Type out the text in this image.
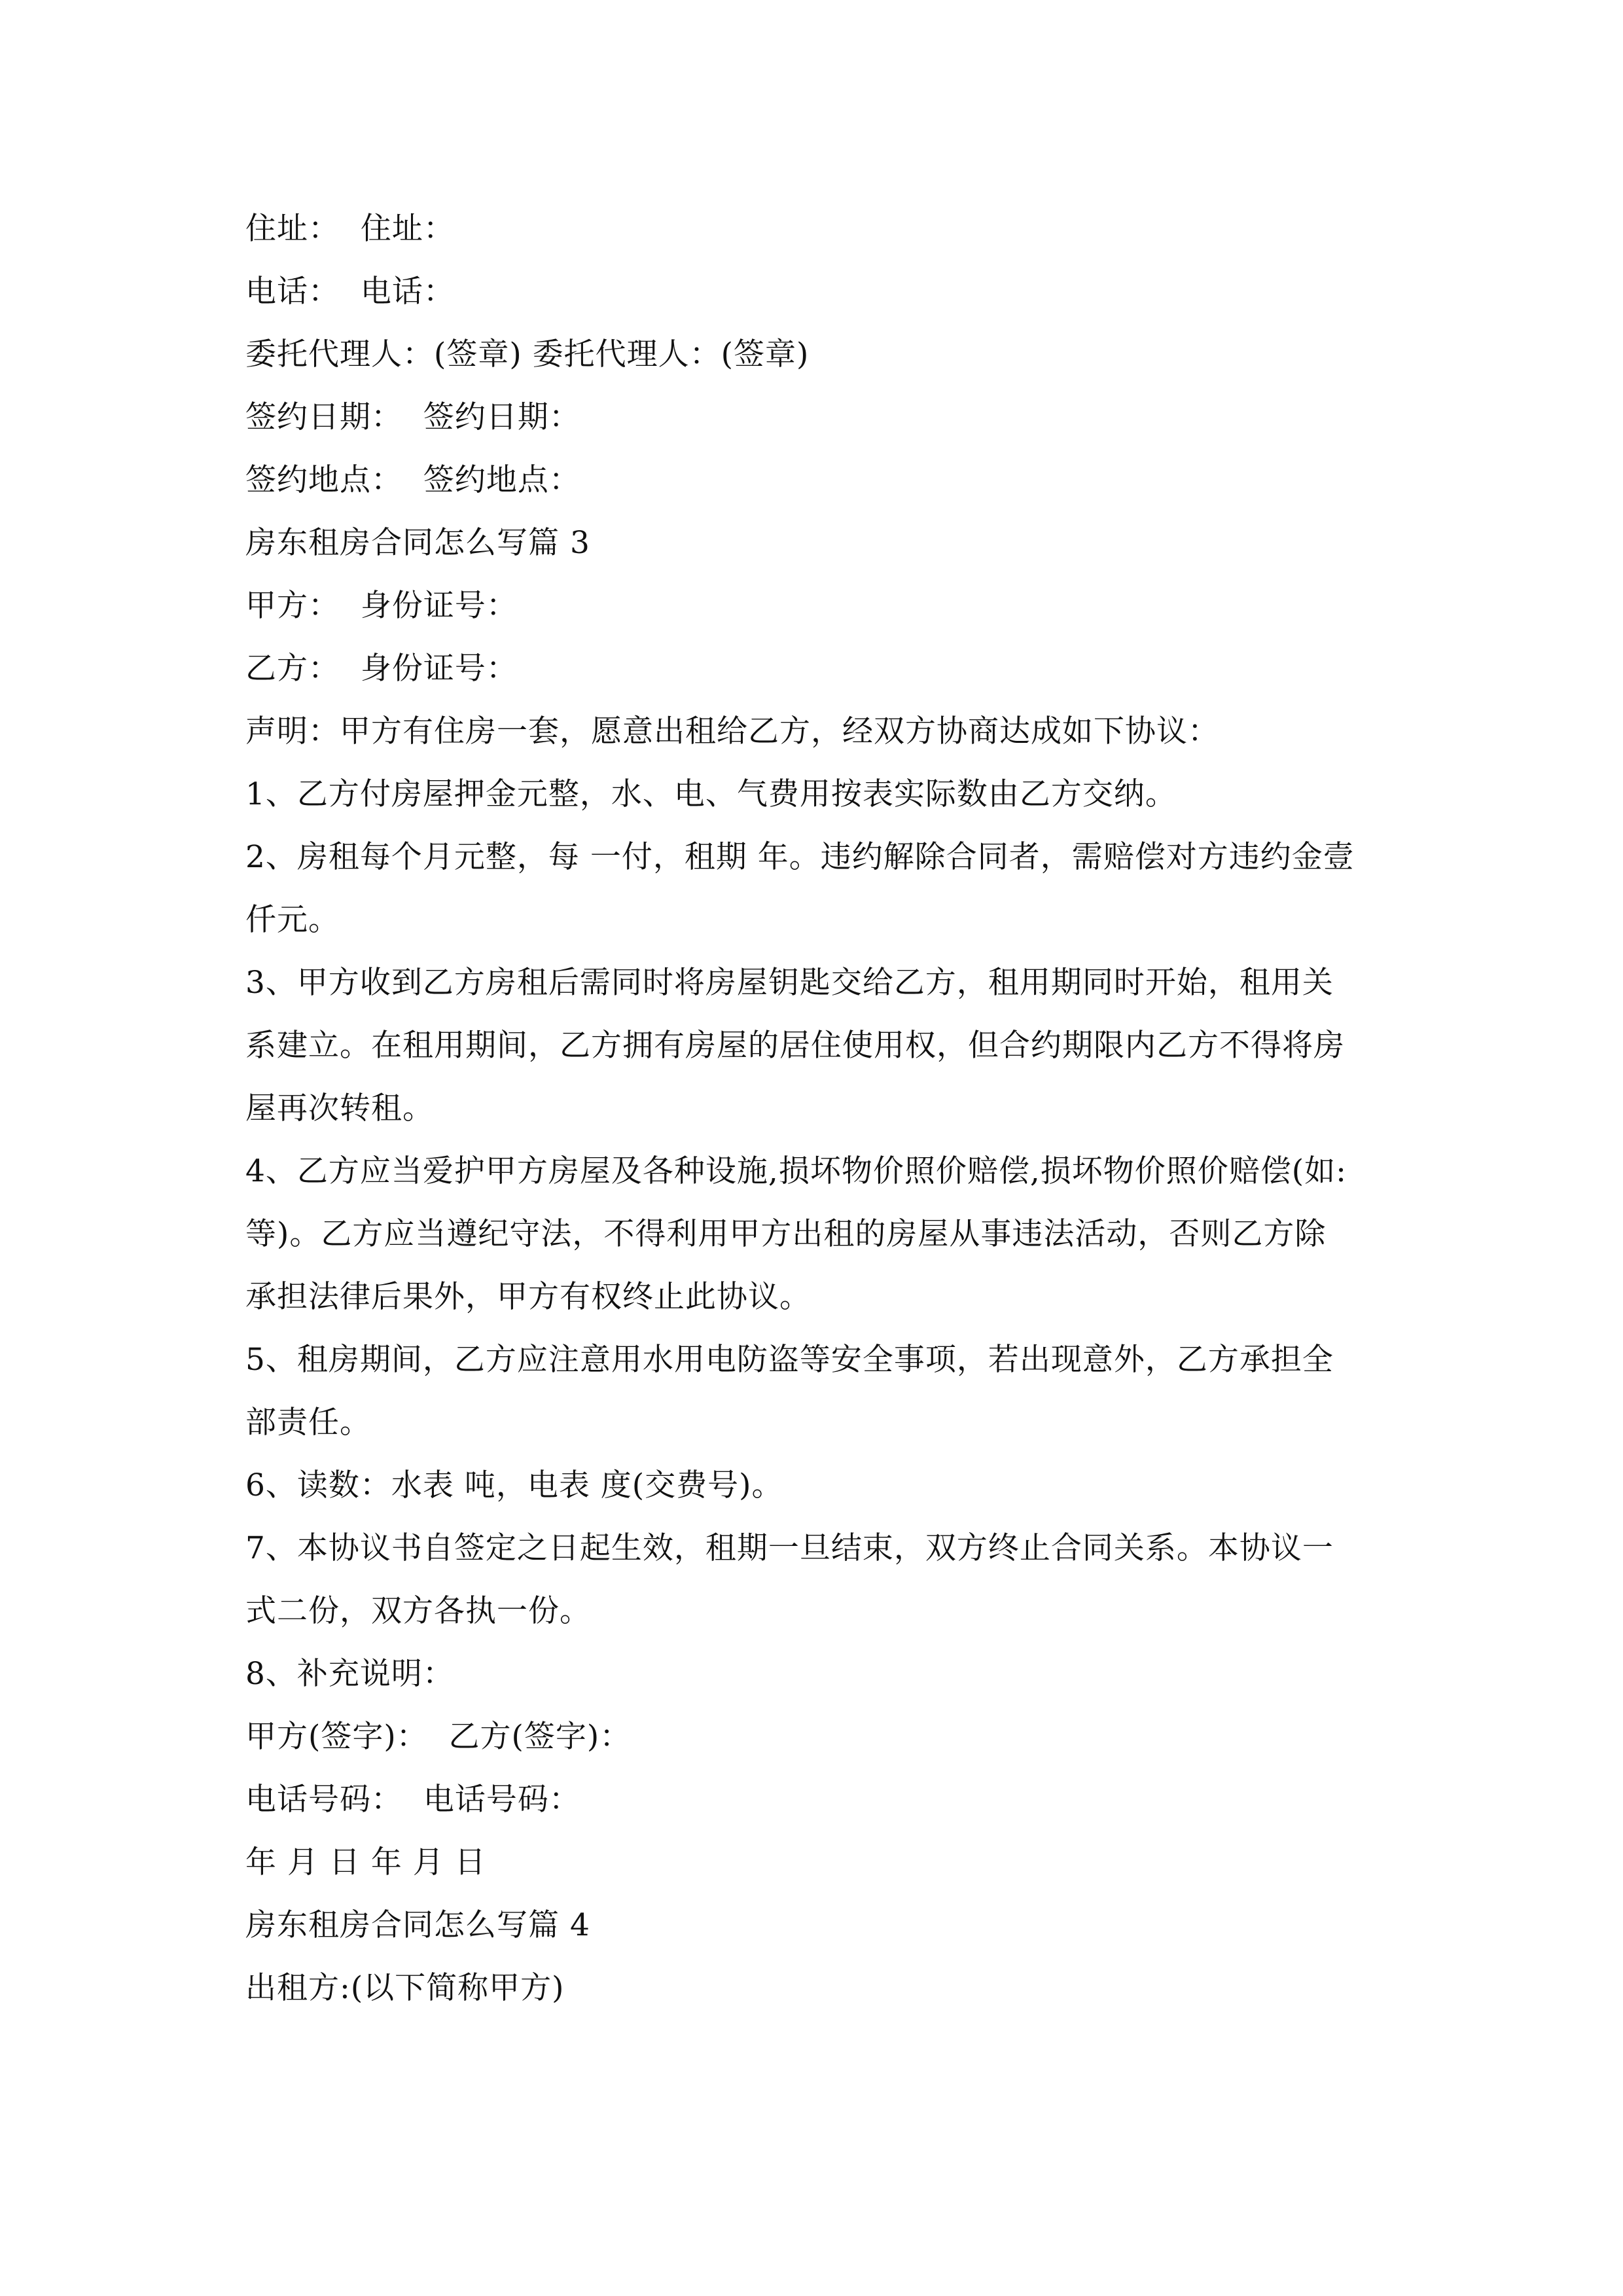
住址：  住址：
电话：  电话：
委托代理人：(签章) 委托代理人：(签章)
签约日期：  签约日期：
签约地点：  签约地点：
房东租房合同怎么写篇 3
甲方：  身份证号：
乙方：  身份证号：
声明：甲方有住房一套，愿意出租给乙方，经双方协商达成如下协议：
1、乙方付房屋押金元整，水、电、气费用按表实际数由乙方交纳。
2、房租每个月元整，每 一付，租期 年。违约解除合同者，需赔偿对方违约金壹
仟元。
3、甲方收到乙方房租后需同时将房屋钥匙交给乙方，租用期同时开始，租用关
系建立。在租用期间，乙方拥有房屋的居住使用权，但合约期限内乙方不得将房
屋再次转租。
4、乙方应当爱护甲方房屋及各种设施,损坏物价照价赔偿,损坏物价照价赔偿(如:
等)。乙方应当遵纪守法，不得利用甲方出租的房屋从事违法活动，否则乙方除
承担法律后果外，甲方有权终止此协议。
5、租房期间，乙方应注意用水用电防盗等安全事项，若出现意外，乙方承担全
部责任。
6、读数：水表 吨，电表 度(交费号)。
7、本协议书自签定之日起生效，租期一旦结束，双方终止合同关系。本协议一
式二份，双方各执一份。
8、补充说明：
甲方(签字)：  乙方(签字)：
电话号码：  电话号码：
年 月 日 年 月 日
房东租房合同怎么写篇 4
出租方:(以下简称甲方)
